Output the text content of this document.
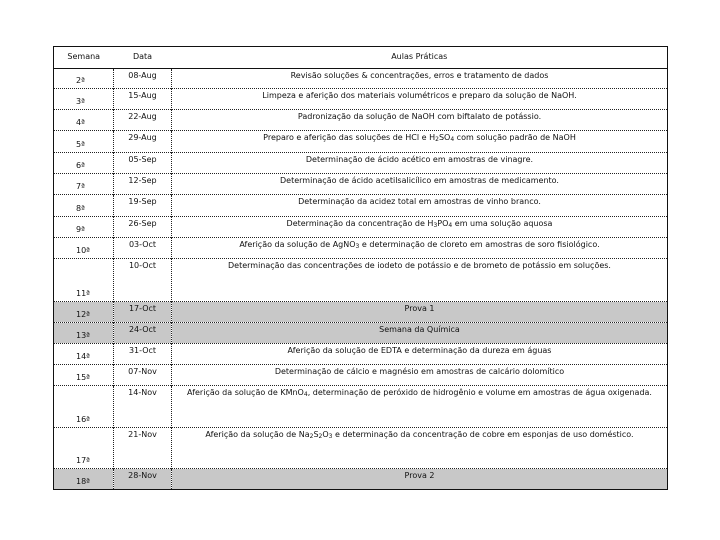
Semana	Data	Aulas Práticas
2ª	08-Aug	Revisão soluções & concentrações, erros e tratamento de dados
3ª	15-Aug	Limpeza e aferição dos materiais volumétricos e preparo da solução de NaOH.
4ª	22-Aug	Padronização da solução de NaOH com biftalato de potássio.
5ª	29-Aug	Preparo e aferição das soluções de HCl e $H_2SO_4$ com solução padrão de NaOH
6ª	05-Sep	Determinação de ácido acético em amostras de vinagre.
7ª	12-Sep	Determinação de ácido acetilsalicílico em amostras de medicamento.
8ª	19-Sep	Determinação da acidez total em amostras de vinho branco.
9ª	26-Sep	Determinação da concentração de $H_3PO_4$ em uma solução aquosa
10ª	03-Oct	Aferição da solução de AgNO$_3$ e determinação de cloreto em amostras de soro fisiológico.
11ª	10-Oct	Determinação das concentrações de iodeto de potássio e de brometo de potássio em soluções.
12ª	17-Oct	Prova 1
13ª	24-Oct	Semana da Química
14ª	31-Oct	Aferição da solução de EDTA e determinação da dureza em águas
15ª	07-Nov	Determinação de cálcio e magnésio em amostras de calcário dolomítico
16ª	14-Nov	Aferição da solução de KMnO$_4$, determinação de peróxido de hidrogênio e volume em amostras de água oxigenada.
17ª	21-Nov	Aferição da solução de $Na_2S_2O_3$ e determinação da concentração de cobre em esponjas de uso doméstico.
18ª	28-Nov	Prova 2
